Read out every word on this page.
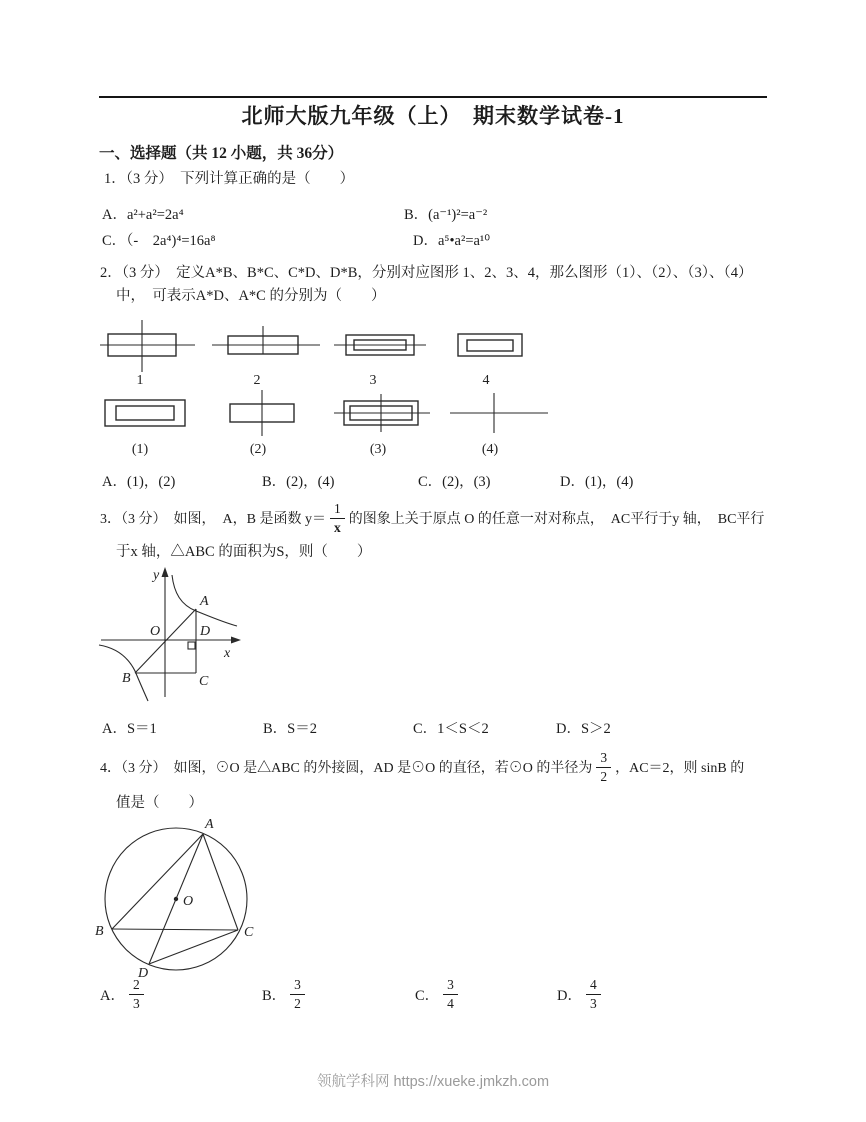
北师大版九年级（上）　期末数学试卷-1
一、选择题（共 12 小题，共 36分）
1．（3 分）　下列计算正确的是（　　）
A．a²+a²=2a⁴	B．(a⁻¹)²=a⁻²
C．（-　2a⁴)⁴=16a⁸	D．a⁵•a²=a¹⁰
2．（3 分）　定义A*B、B*C、C*D、D*B，分别对应图形 1、2、3、4，那么图形（1）、（2）、（3）、（4）
中，　可表示A*D、A*C 的分别为（　　）
1	2	3	4
(1)	(2)	(3)	(4)
A．(1)，(2)	B．(2)，(4)	C．(2)，(3)	D．(1)，(4)
3．（3 分）　如图，　A，B 是函数 $y= \frac{1}{x}$ 的图象上关于原点 O 的任意一对对称点，　AC平行于y 轴，　BC平行
于x 轴，△ABC 的面积为S，则（　　）
y
x
O
A
D
C
B
A．S＝1	B．S＝2	C．1＜S＜2	D．S＞2
4．（3 分）　如图，⊙O 是△ABC 的外接圆，AD 是⊙O 的直径，若⊙O 的半径为 $\frac{3}{2}$ ，AC＝2，则 sinB 的
值是（　　）
A
O
B	C
D
A． $\frac{2}{3}$	B． $\frac{3}{2}$	C． $\frac{3}{4}$	D． $\frac{4}{3}$
领航学科网 https://xueke.jmkzh.com
